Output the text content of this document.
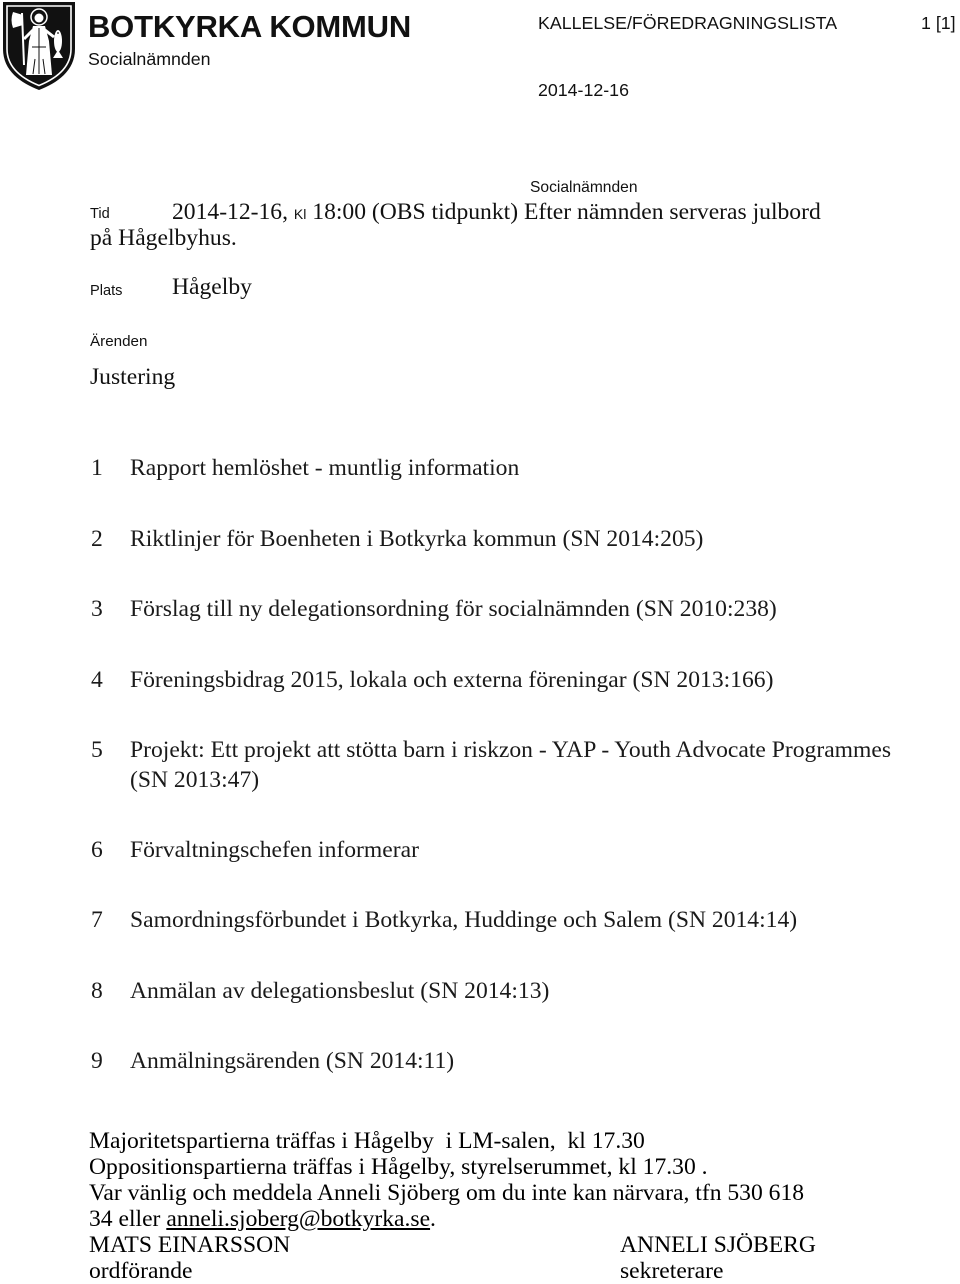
BOTKYRKA KOMMUN
Socialnämnden
KALLELSE/FÖREDRAGNINGSLISTA	1 [1]
2014-12-16
Socialnämnden
Tid	2014-12-16, Kl 18:00 (OBS tidpunkt) Efter nämnden serveras julbord
på Hågelbyhus.
Plats Hågelby
Ärenden
Justering
1	Rapport hemlöshet - muntlig information
2	Riktlinjer för Boenheten i Botkyrka kommun (SN 2014:205)
3	Förslag till ny delegationsordning för socialnämnden (SN 2010:238)
4	Föreningsbidrag 2015, lokala och externa föreningar (SN 2013:166)
5	Projekt: Ett projekt att stötta barn i riskzon - YAP - Youth Advocate Programmes (SN 2013:47)
6	Förvaltningschefen informerar
7	Samordningsförbundet i Botkyrka, Huddinge och Salem (SN 2014:14)
8	Anmälan av delegationsbeslut (SN 2014:13)
9	Anmälningsärenden (SN 2014:11)
Majoritetspartierna träffas i Hågelby  i LM-salen,  kl 17.30
Oppositionspartierna träffas i Hågelby, styrelserummet, kl 17.30 .
Var vänlig och meddela Anneli Sjöberg om du inte kan närvara, tfn 530 618
34 eller anneli.sjoberg@botkyrka.se.
MATS EINARSSON	ANNELI SJÖBERG
ordförande	sekreterare
